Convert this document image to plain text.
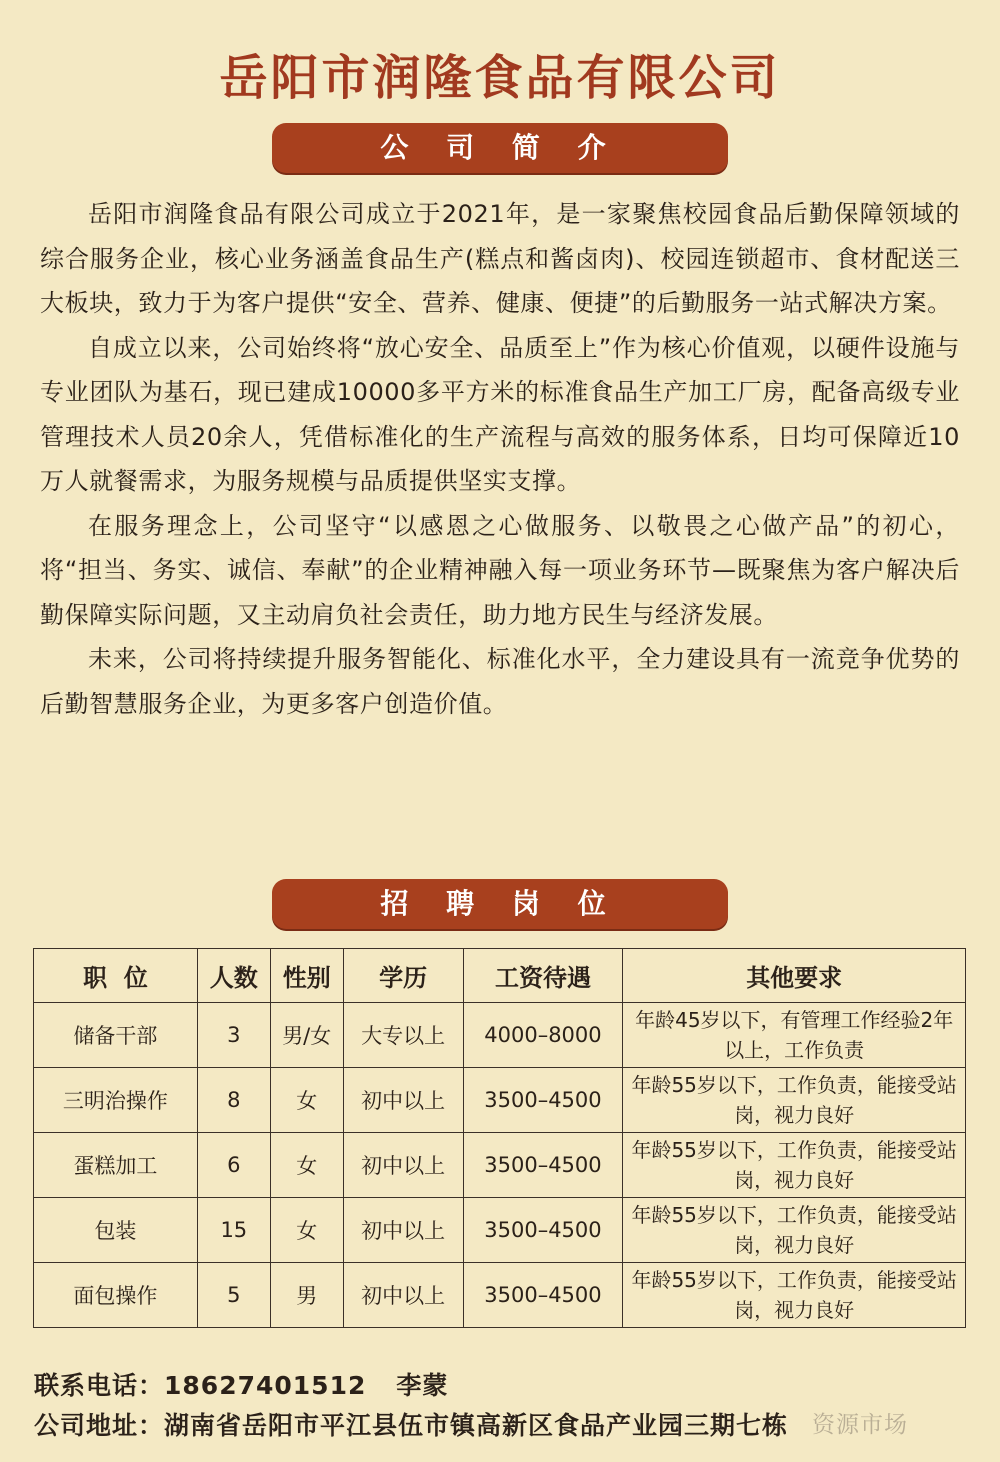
岳阳市润隆食品有限公司
公 司 简 介

岳阳市润隆食品有限公司成立于2021年，是一家聚焦校园食品后勤保障领域的综合服务企业，核心业务涵盖食品生产(糕点和酱卤肉)、校园连锁超市、食材配送三大板块，致力于为客户提供“安全、营养、健康、便捷”的后勤服务一站式解决方案。

自成立以来，公司始终将“放心安全、品质至上”作为核心价值观，以硬件设施与专业团队为基石，现已建成10000多平方米的标准食品生产加工厂房，配备高级专业管理技术人员20余人，凭借标准化的生产流程与高效的服务体系，日均可保障近10万人就餐需求，为服务规模与品质提供坚实支撑。

在服务理念上，公司坚守“以感恩之心做服务、以敬畏之心做产品”的初心，将“担当、务实、诚信、奉献”的企业精神融入每一项业务环节—既聚焦为客户解决后勤保障实际问题，又主动肩负社会责任，助力地方民生与经济发展。

未来，公司将持续提升服务智能化、标准化水平，全力建设具有一流竞争优势的后勤智慧服务企业，为更多客户创造价值。

招 聘 岗 位
职  位	人数	性别	学历	工资待遇	其他要求
储备干部	3	男/女	大专以上	4000–8000	年龄45岁以下，有管理工作经验2年以上，工作负责
三明治操作	8	女	初中以上	3500–4500	年龄55岁以下，工作负责，能接受站岗，视力良好
蛋糕加工	6	女	初中以上	3500–4500	年龄55岁以下，工作负责，能接受站岗，视力良好
包装	15	女	初中以上	3500–4500	年龄55岁以下，工作负责，能接受站岗，视力良好
面包操作	5	男	初中以上	3500–4500	年龄55岁以下，工作负责，能接受站岗，视力良好
联系电话：18627401512 李蒙
公司地址：湖南省岳阳市平江县伍市镇高新区食品产业园三期七栋 资源市场
